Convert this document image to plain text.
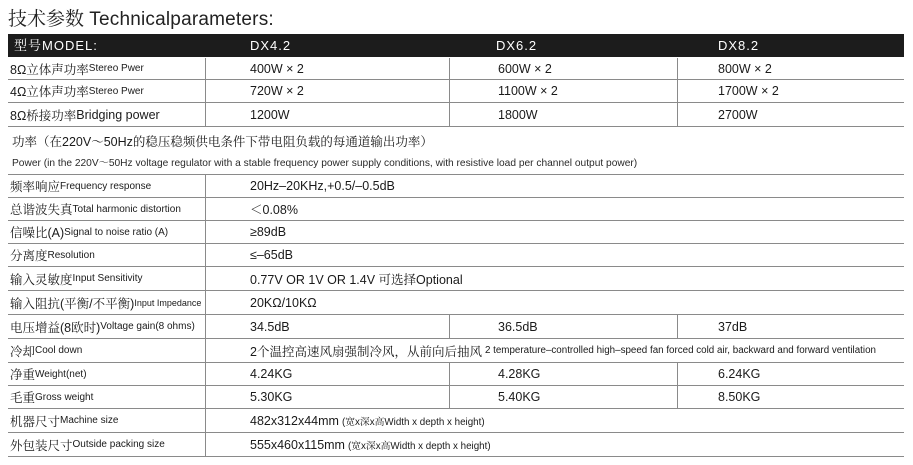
技术参数 Technicalparameters:
型号MODEL:	DX4.2	DX6.2	DX8.2
8Ω立体声功率 Stereo Pwer	400W × 2	600W × 2	800W × 2
4Ω立体声功率 Stereo Pwer	720W × 2	1100W × 2	1700W × 2
8Ω桥接功率 Bridging power	1200W	1800W	2700W
功率（在220V～50Hz的稳压稳频供电条件下带电阻负载的每通道输出功率）
Power (in the 220V～50Hz voltage regulator with a stable frequency power supply conditions, with resistive load per channel output power)
频率响应 Frequency response	20Hz–20KHz,+0.5/–0.5dB
总谐波失真 Total harmonic distortion	＜0.08%
信噪比(A) Signal to noise ratio (A)	≥89dB
分离度 Resolution	≤–65dB
输入灵敏度 Input Sensitivity	0.77V OR 1V OR 1.4V 可选择Optional
输入阻抗(平衡/不平衡) Input Impedance	20KΩ/10KΩ
电压增益(8欧时) Voltage gain(8 ohms)	34.5dB	36.5dB	37dB
冷却 Cool down	2个温控高速风扇强制冷风，从前向后抽风 2 temperature–controlled high–speed fan forced cold air, backward and forward ventilation
净重 Weight(net)	4.24KG	4.28KG	6.24KG
毛重 Gross weight	5.30KG	5.40KG	8.50KG
机器尺寸 Machine size	482x312x44mm (宽x深x高Width x depth x height)
外包装尺寸 Outside packing size	555x460x115mm (宽x深x高Width x depth x height)
